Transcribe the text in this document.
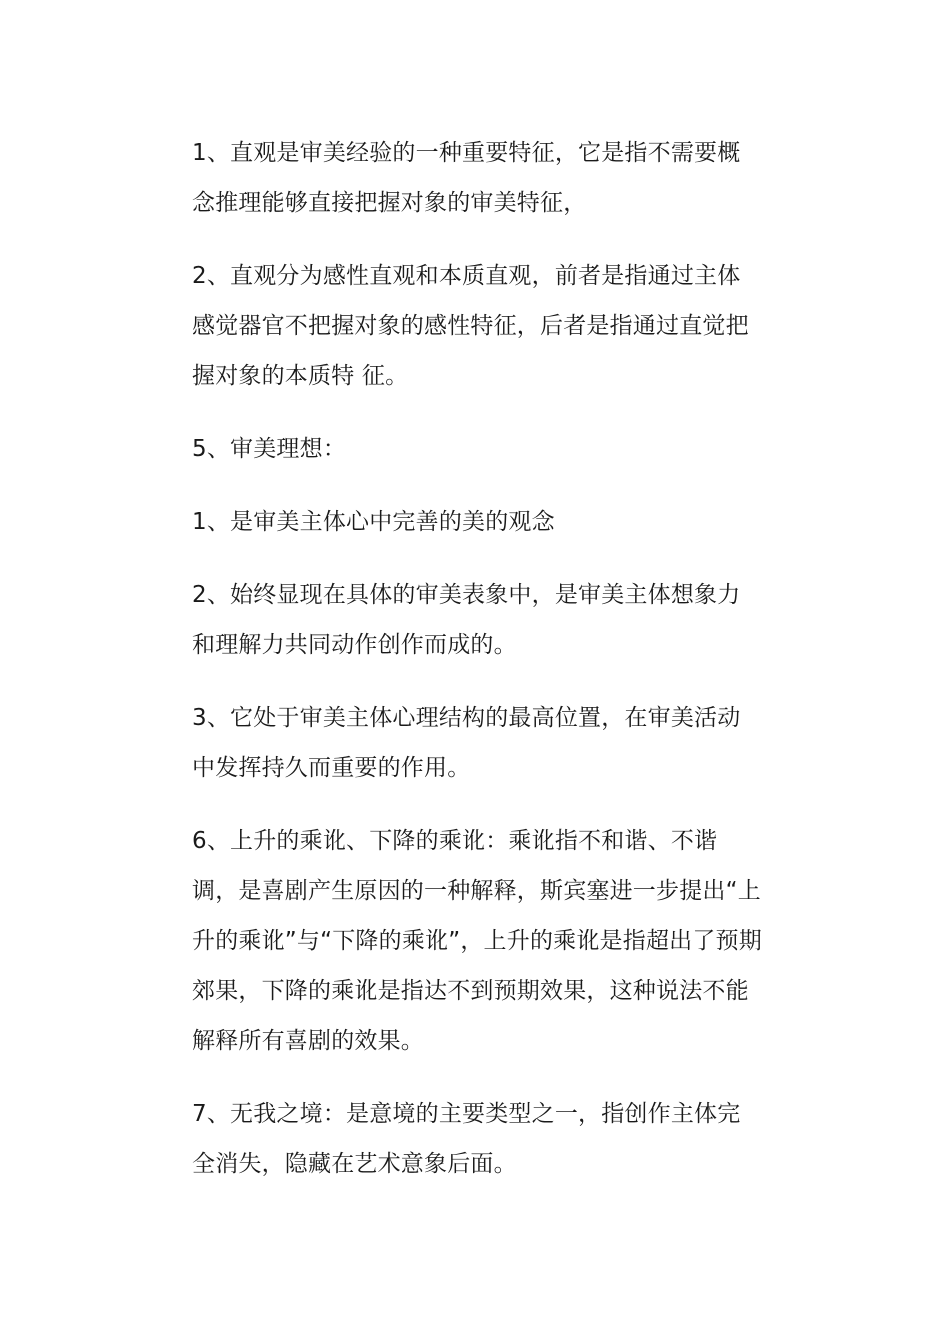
1、直观是审美经验的一种重要特征，它是指不需要概念推理能够直接把握对象的审美特征，

2、直观分为感性直观和本质直观，前者是指通过主体感觉器官不把握对象的感性特征，后者是指通过直觉把握对象的本质特 征。

5、审美理想：

1、是审美主体心中完善的美的观念

2、始终显现在具体的审美表象中，是审美主体想象力和理解力共同动作创作而成的。

3、它处于审美主体心理结构的最高位置，在审美活动中发挥持久而重要的作用。

6、上升的乘讹、下降的乘讹：乘讹指不和谐、不谐调，是喜剧产生原因的一种解释，斯宾塞进一步提出“上升的乘讹”与“下降的乘讹”，上升的乘讹是指超出了预期郊果，下降的乘讹是指达不到预期效果，这种说法不能解释所有喜剧的效果。

7、无我之境：是意境的主要类型之一，指创作主体完全消失，隐藏在艺术意象后面。
